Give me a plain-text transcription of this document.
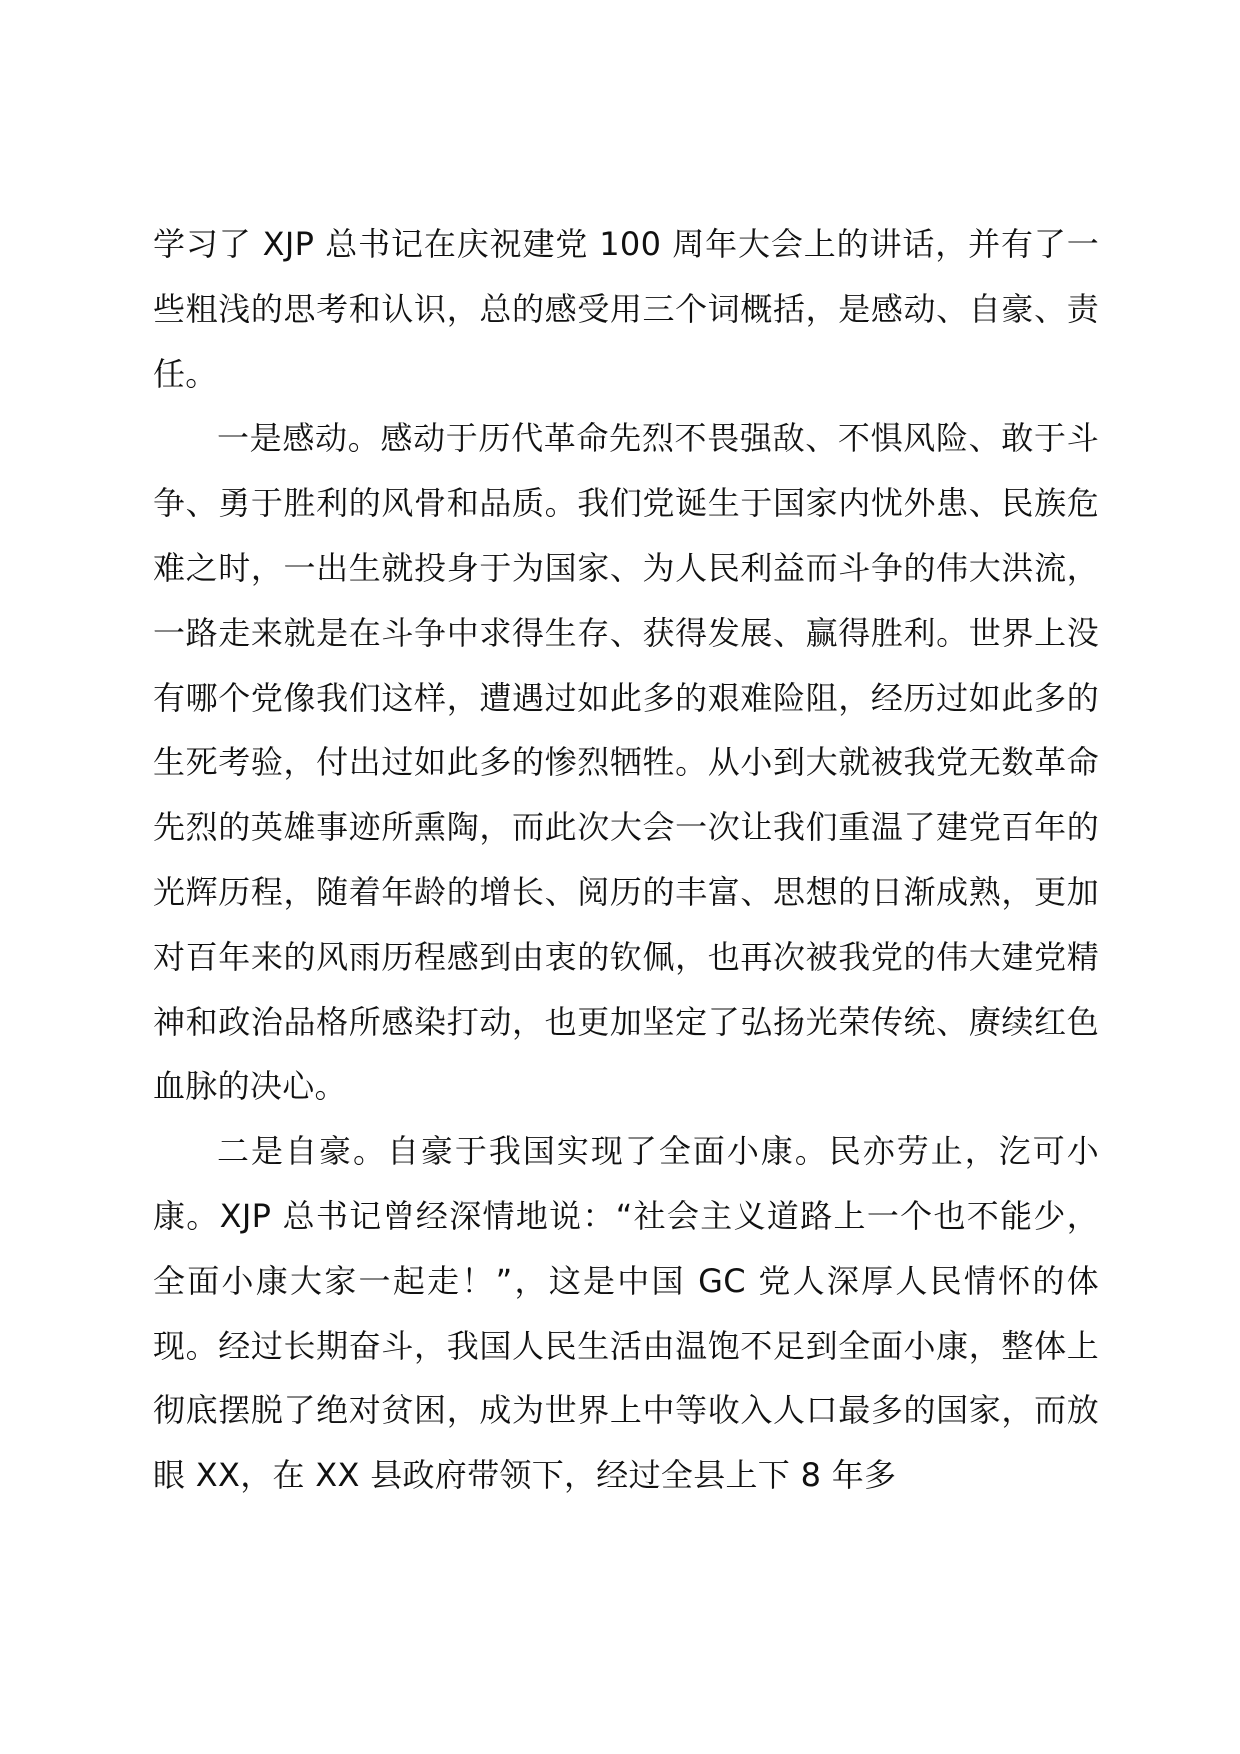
学习了 XJP 总书记在庆祝建党 100 周年大会上的讲话，并有了一些粗浅的思考和认识，总的感受用三个词概括，是感动、自豪、责任。

一是感动。感动于历代革命先烈不畏强敌、不惧风险、敢于斗争、勇于胜利的风骨和品质。我们党诞生于国家内忧外患、民族危难之时，一出生就投身于为国家、为人民利益而斗争的伟大洪流，一路走来就是在斗争中求得生存、获得发展、赢得胜利。世界上没有哪个党像我们这样，遭遇过如此多的艰难险阻，经历过如此多的生死考验，付出过如此多的惨烈牺牲。从小到大就被我党无数革命先烈的英雄事迹所熏陶，而此次大会一次让我们重温了建党百年的光辉历程，随着年龄的增长、阅历的丰富、思想的日渐成熟，更加对百年来的风雨历程感到由衷的钦佩，也再次被我党的伟大建党精神和政治品格所感染打动，也更加坚定了弘扬光荣传统、赓续红色血脉的决心。

二是自豪。自豪于我国实现了全面小康。民亦劳止，汔可小康。XJP 总书记曾经深情地说：“社会主义道路上一个也不能少，全面小康大家一起走！”，这是中国 GC 党人深厚人民情怀的体现。经过长期奋斗，我国人民生活由温饱不足到全面小康，整体上彻底摆脱了绝对贫困，成为世界上中等收入人口最多的国家，而放眼 XX，在 XX 县政府带领下，经过全县上下 8 年多
